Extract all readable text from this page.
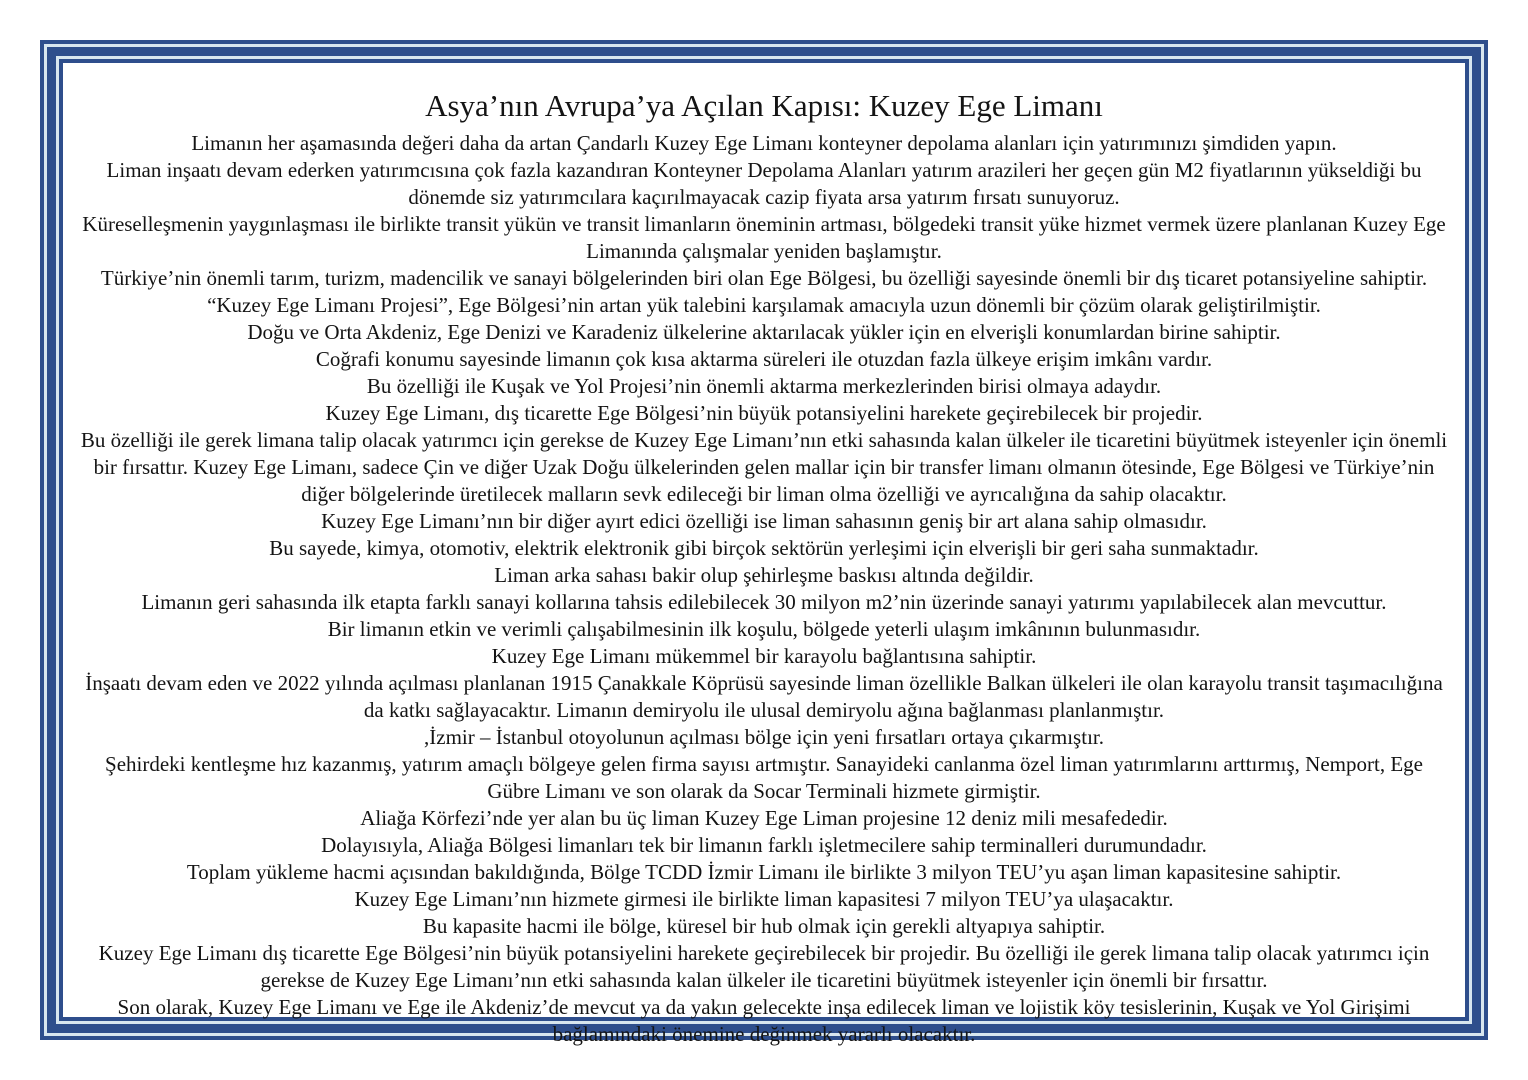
Asya’nın Avrupa’ya Açılan Kapısı: Kuzey Ege Limanı

Limanın her aşamasında değeri daha da artan Çandarlı Kuzey Ege Limanı konteyner depolama alanları için yatırımınızı şimdiden yapın.

Liman inşaatı devam ederken yatırımcısına çok fazla kazandıran Konteyner Depolama Alanları yatırım arazileri her geçen gün M2 fiyatlarının yükseldiği bu dönemde siz yatırımcılara kaçırılmayacak cazip fiyata arsa yatırım fırsatı sunuyoruz.

Küreselleşmenin yaygınlaşması ile birlikte transit yükün ve transit limanların öneminin artması, bölgedeki transit yüke hizmet vermek üzere planlanan Kuzey Ege Limanında çalışmalar yeniden başlamıştır.

Türkiye’nin önemli tarım, turizm, madencilik ve sanayi bölgelerinden biri olan Ege Bölgesi, bu özelliği sayesinde önemli bir dış ticaret potansiyeline sahiptir.

“Kuzey Ege Limanı Projesi”, Ege Bölgesi’nin artan yük talebini karşılamak amacıyla uzun dönemli bir çözüm olarak geliştirilmiştir.

Doğu ve Orta Akdeniz, Ege Denizi ve Karadeniz ülkelerine aktarılacak yükler için en elverişli konumlardan birine sahiptir.

Coğrafi konumu sayesinde limanın çok kısa aktarma süreleri ile otuzdan fazla ülkeye erişim imkânı vardır.

Bu özelliği ile Kuşak ve Yol Projesi’nin önemli aktarma merkezlerinden birisi olmaya adaydır.

Kuzey Ege Limanı, dış ticarette Ege Bölgesi’nin büyük potansiyelini harekete geçirebilecek bir projedir.

Bu özelliği ile gerek limana talip olacak yatırımcı için gerekse de Kuzey Ege Limanı’nın etki sahasında kalan ülkeler ile ticaretini büyütmek isteyenler için önemli bir fırsattır. Kuzey Ege Limanı, sadece Çin ve diğer Uzak Doğu ülkelerinden gelen mallar için bir transfer limanı olmanın ötesinde, Ege Bölgesi ve Türkiye’nin diğer bölgelerinde üretilecek malların sevk edileceği bir liman olma özelliği ve ayrıcalığına da sahip olacaktır.

Kuzey Ege Limanı’nın bir diğer ayırt edici özelliği ise liman sahasının geniş bir art alana sahip olmasıdır.

Bu sayede, kimya, otomotiv, elektrik elektronik gibi birçok sektörün yerleşimi için elverişli bir geri saha sunmaktadır.

Liman arka sahası bakir olup şehirleşme baskısı altında değildir.

Limanın geri sahasında ilk etapta farklı sanayi kollarına tahsis edilebilecek 30 milyon m2’nin üzerinde sanayi yatırımı yapılabilecek alan mevcuttur.

Bir limanın etkin ve verimli çalışabilmesinin ilk koşulu, bölgede yeterli ulaşım imkânının bulunmasıdır.

Kuzey Ege Limanı mükemmel bir karayolu bağlantısına sahiptir.

İnşaatı devam eden ve 2022 yılında açılması planlanan 1915 Çanakkale Köprüsü sayesinde liman özellikle Balkan ülkeleri ile olan karayolu transit taşımacılığına da katkı sağlayacaktır. Limanın demiryolu ile ulusal demiryolu ağına bağlanması planlanmıştır.

,İzmir – İstanbul otoyolunun açılması bölge için yeni fırsatları ortaya çıkarmıştır.

Şehirdeki kentleşme hız kazanmış, yatırım amaçlı bölgeye gelen firma sayısı artmıştır. Sanayideki canlanma özel liman yatırımlarını arttırmış, Nemport, Ege Gübre Limanı ve son olarak da Socar Terminali hizmete girmiştir.

Aliağa Körfezi’nde yer alan bu üç liman Kuzey Ege Liman projesine 12 deniz mili mesafededir.

Dolayısıyla, Aliağa Bölgesi limanları tek bir limanın farklı işletmecilere sahip terminalleri durumundadır.

Toplam yükleme hacmi açısından bakıldığında, Bölge TCDD İzmir Limanı ile birlikte 3 milyon TEU’yu aşan liman kapasitesine sahiptir.

Kuzey Ege Limanı’nın hizmete girmesi ile birlikte liman kapasitesi 7 milyon TEU’ya ulaşacaktır.

Bu kapasite hacmi ile bölge, küresel bir hub olmak için gerekli altyapıya sahiptir.

Kuzey Ege Limanı dış ticarette Ege Bölgesi’nin büyük potansiyelini harekete geçirebilecek bir projedir. Bu özelliği ile gerek limana talip olacak yatırımcı için gerekse de Kuzey Ege Limanı’nın etki sahasında kalan ülkeler ile ticaretini büyütmek isteyenler için önemli bir fırsattır.

Son olarak, Kuzey Ege Limanı ve Ege ile Akdeniz’de mevcut ya da yakın gelecekte inşa edilecek liman ve lojistik köy tesislerinin, Kuşak ve Yol Girişimi bağlamındaki önemine değinmek yararlı olacaktır.
